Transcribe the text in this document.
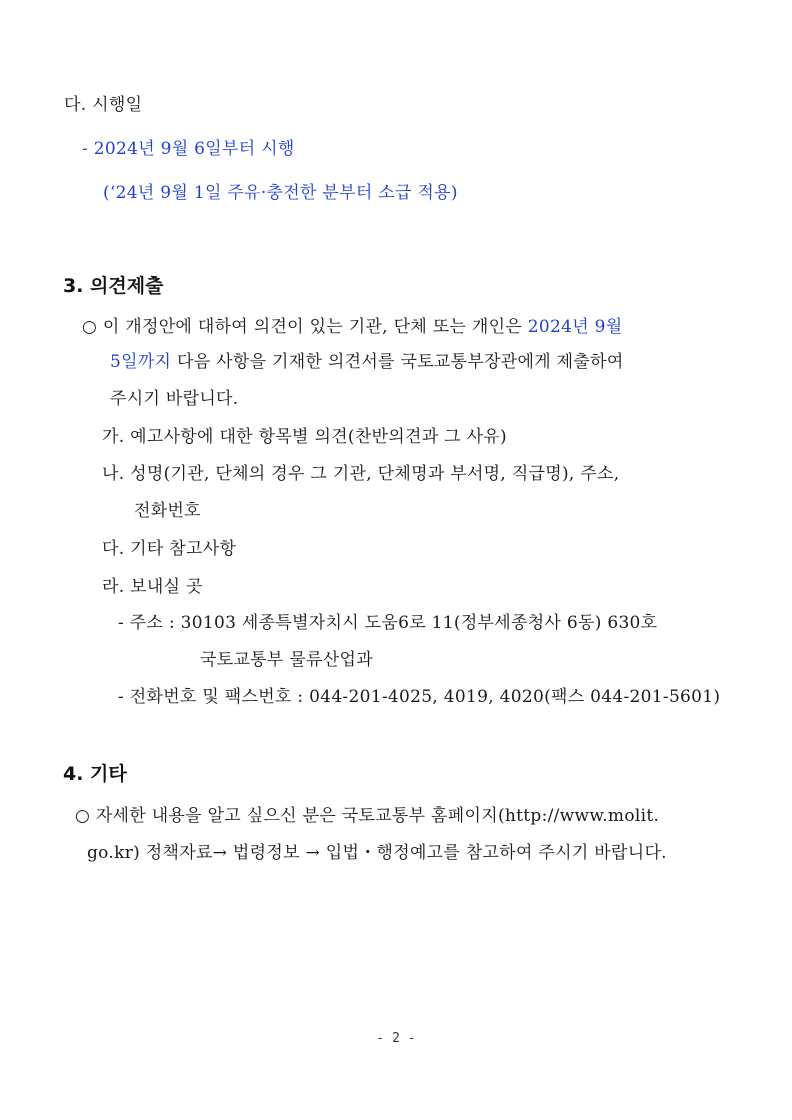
다. 시행일
- 2024년 9월 6일부터 시행
(‘24년 9월 1일 주유·충전한 분부터 소급 적용)
3. 의견제출
○ 이 개정안에 대하여 의견이 있는 기관, 단체 또는 개인은 2024년 9월
5일까지 다음 사항을 기재한 의견서를 국토교통부장관에게 제출하여
주시기 바랍니다.
가. 예고사항에 대한 항목별 의견(찬반의견과 그 사유)
나. 성명(기관, 단체의 경우 그 기관, 단체명과 부서명, 직급명), 주소,
전화번호
다. 기타 참고사항
라. 보내실 곳
- 주소 : 30103 세종특별자치시 도움6로 11(정부세종청사 6동) 630호
국토교통부 물류산업과
- 전화번호 및 팩스번호 : 044-201-4025, 4019, 4020(팩스 044-201-5601)
4. 기타
○ 자세한 내용을 알고 싶으신 분은 국토교통부 홈페이지(http://www.molit.
go.kr) 정책자료→ 법령정보 → 입법・행정예고를 참고하여 주시기 바랍니다.
- 2 -
